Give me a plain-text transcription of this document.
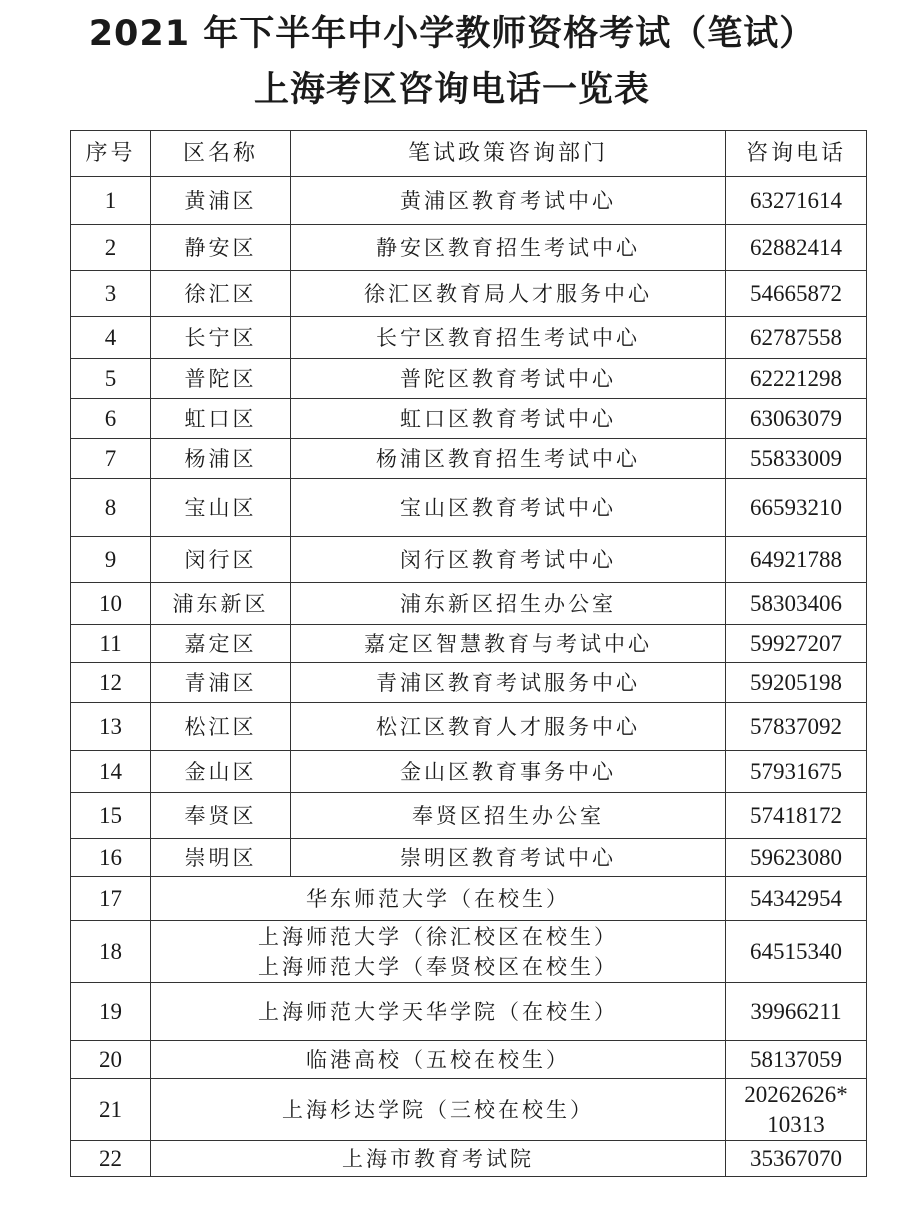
2021 年下半年中小学教师资格考试（笔试）
上海考区咨询电话一览表
序号	区名称	笔试政策咨询部门	咨询电话
1	黄浦区	黄浦区教育考试中心	63271614

2	静安区	静安区教育招生考试中心	62882414

3	徐汇区	徐汇区教育局人才服务中心	54665872

4	长宁区	长宁区教育招生考试中心	62787558

5	普陀区	普陀区教育考试中心	62221298

6	虹口区	虹口区教育考试中心	63063079

7	杨浦区	杨浦区教育招生考试中心	55833009

8	宝山区	宝山区教育考试中心	66593210

9	闵行区	闵行区教育考试中心	64921788

10	浦东新区	浦东新区招生办公室	58303406

11	嘉定区	嘉定区智慧教育与考试中心	59927207

12	青浦区	青浦区教育考试服务中心	59205198

13	松江区	松江区教育人才服务中心	57837092

14	金山区	金山区教育事务中心	57931675

15	奉贤区	奉贤区招生办公室	57418172

16	崇明区	崇明区教育考试中心	59623080

17	华东师范大学（在校生）		54342954

18	上海师范大学（徐汇校区在校生）
上海师范大学（奉贤校区在校生）		64515340

19	上海师范大学天华学院（在校生）		39966211

20	临港高校（五校在校生）		58137059

21	上海杉达学院（三校在校生）		20262626*
10313

22	上海市教育考试院		35367070
